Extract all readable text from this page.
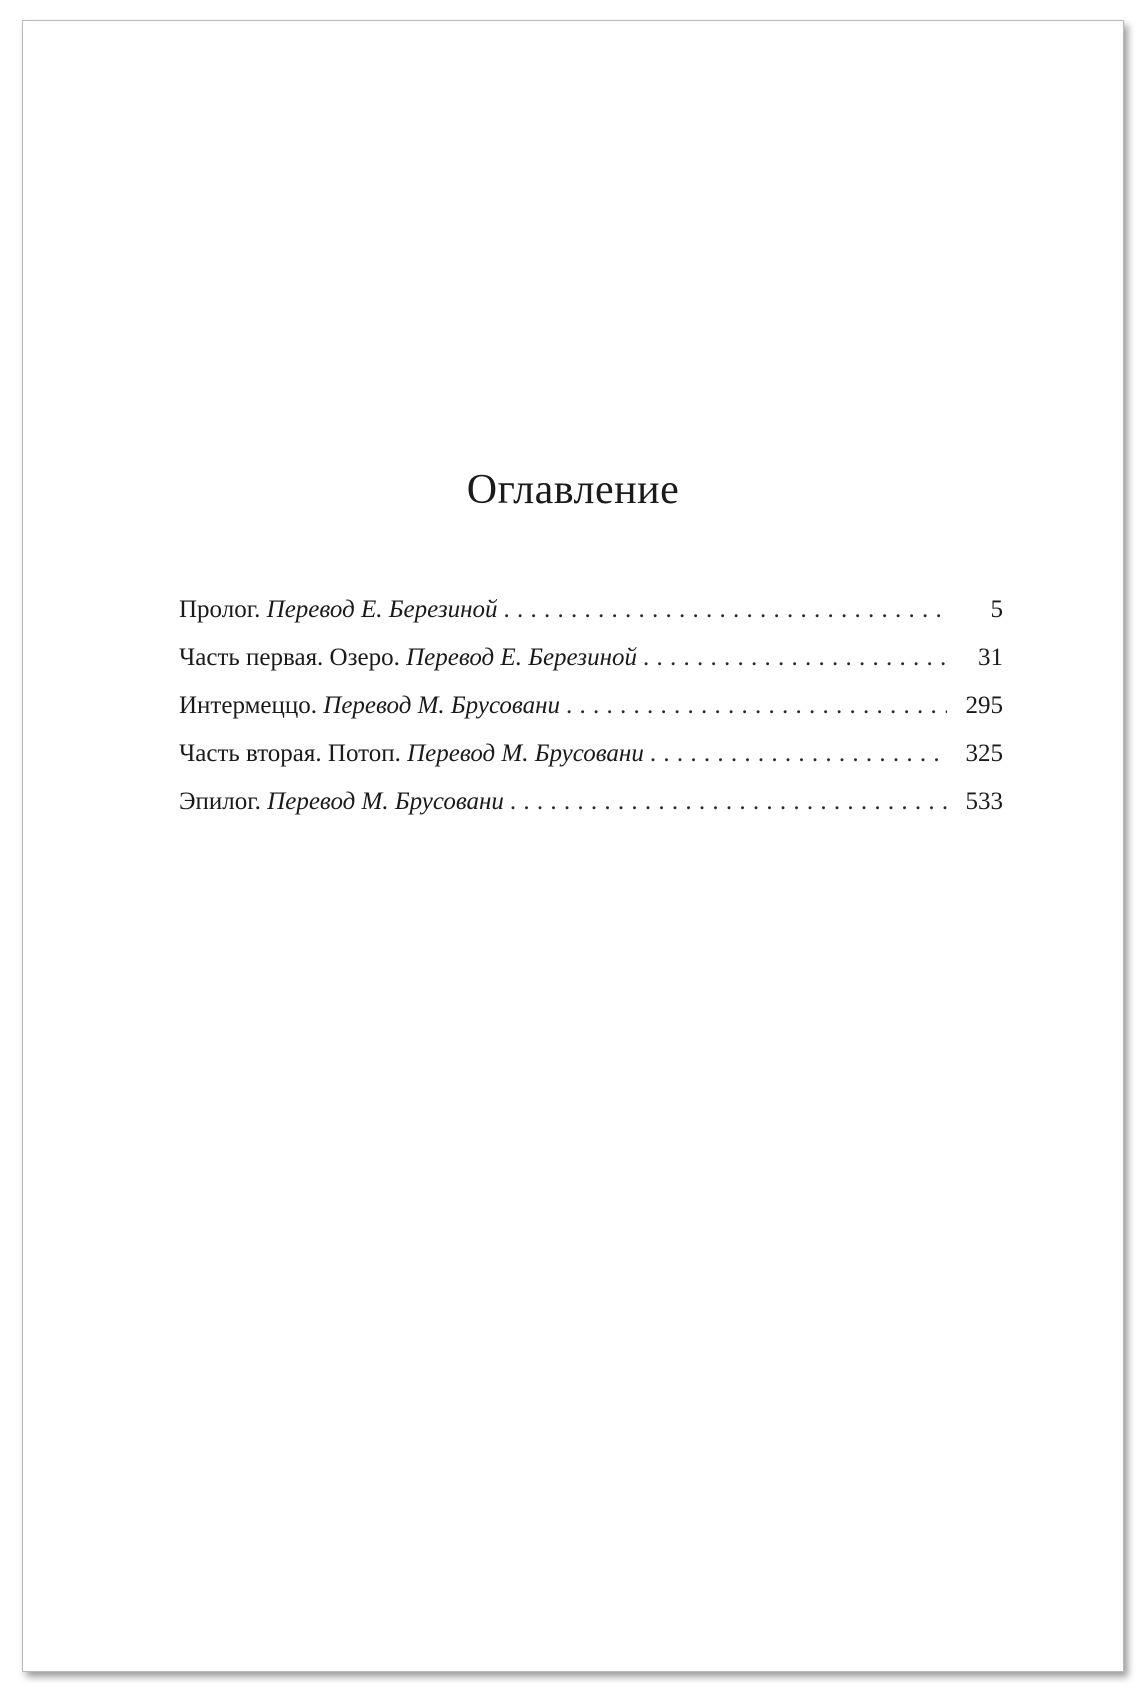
Оглавление
Пролог. Перевод Е. Березиной . . .	5
Часть первая. Озеро. Перевод Е. Березиной . . .	31
Интермеццо. Перевод М. Брусовани . . .	295
Часть вторая. Потоп. Перевод М. Брусовани . . .	325
Эпилог. Перевод М. Брусовани . . .	533
